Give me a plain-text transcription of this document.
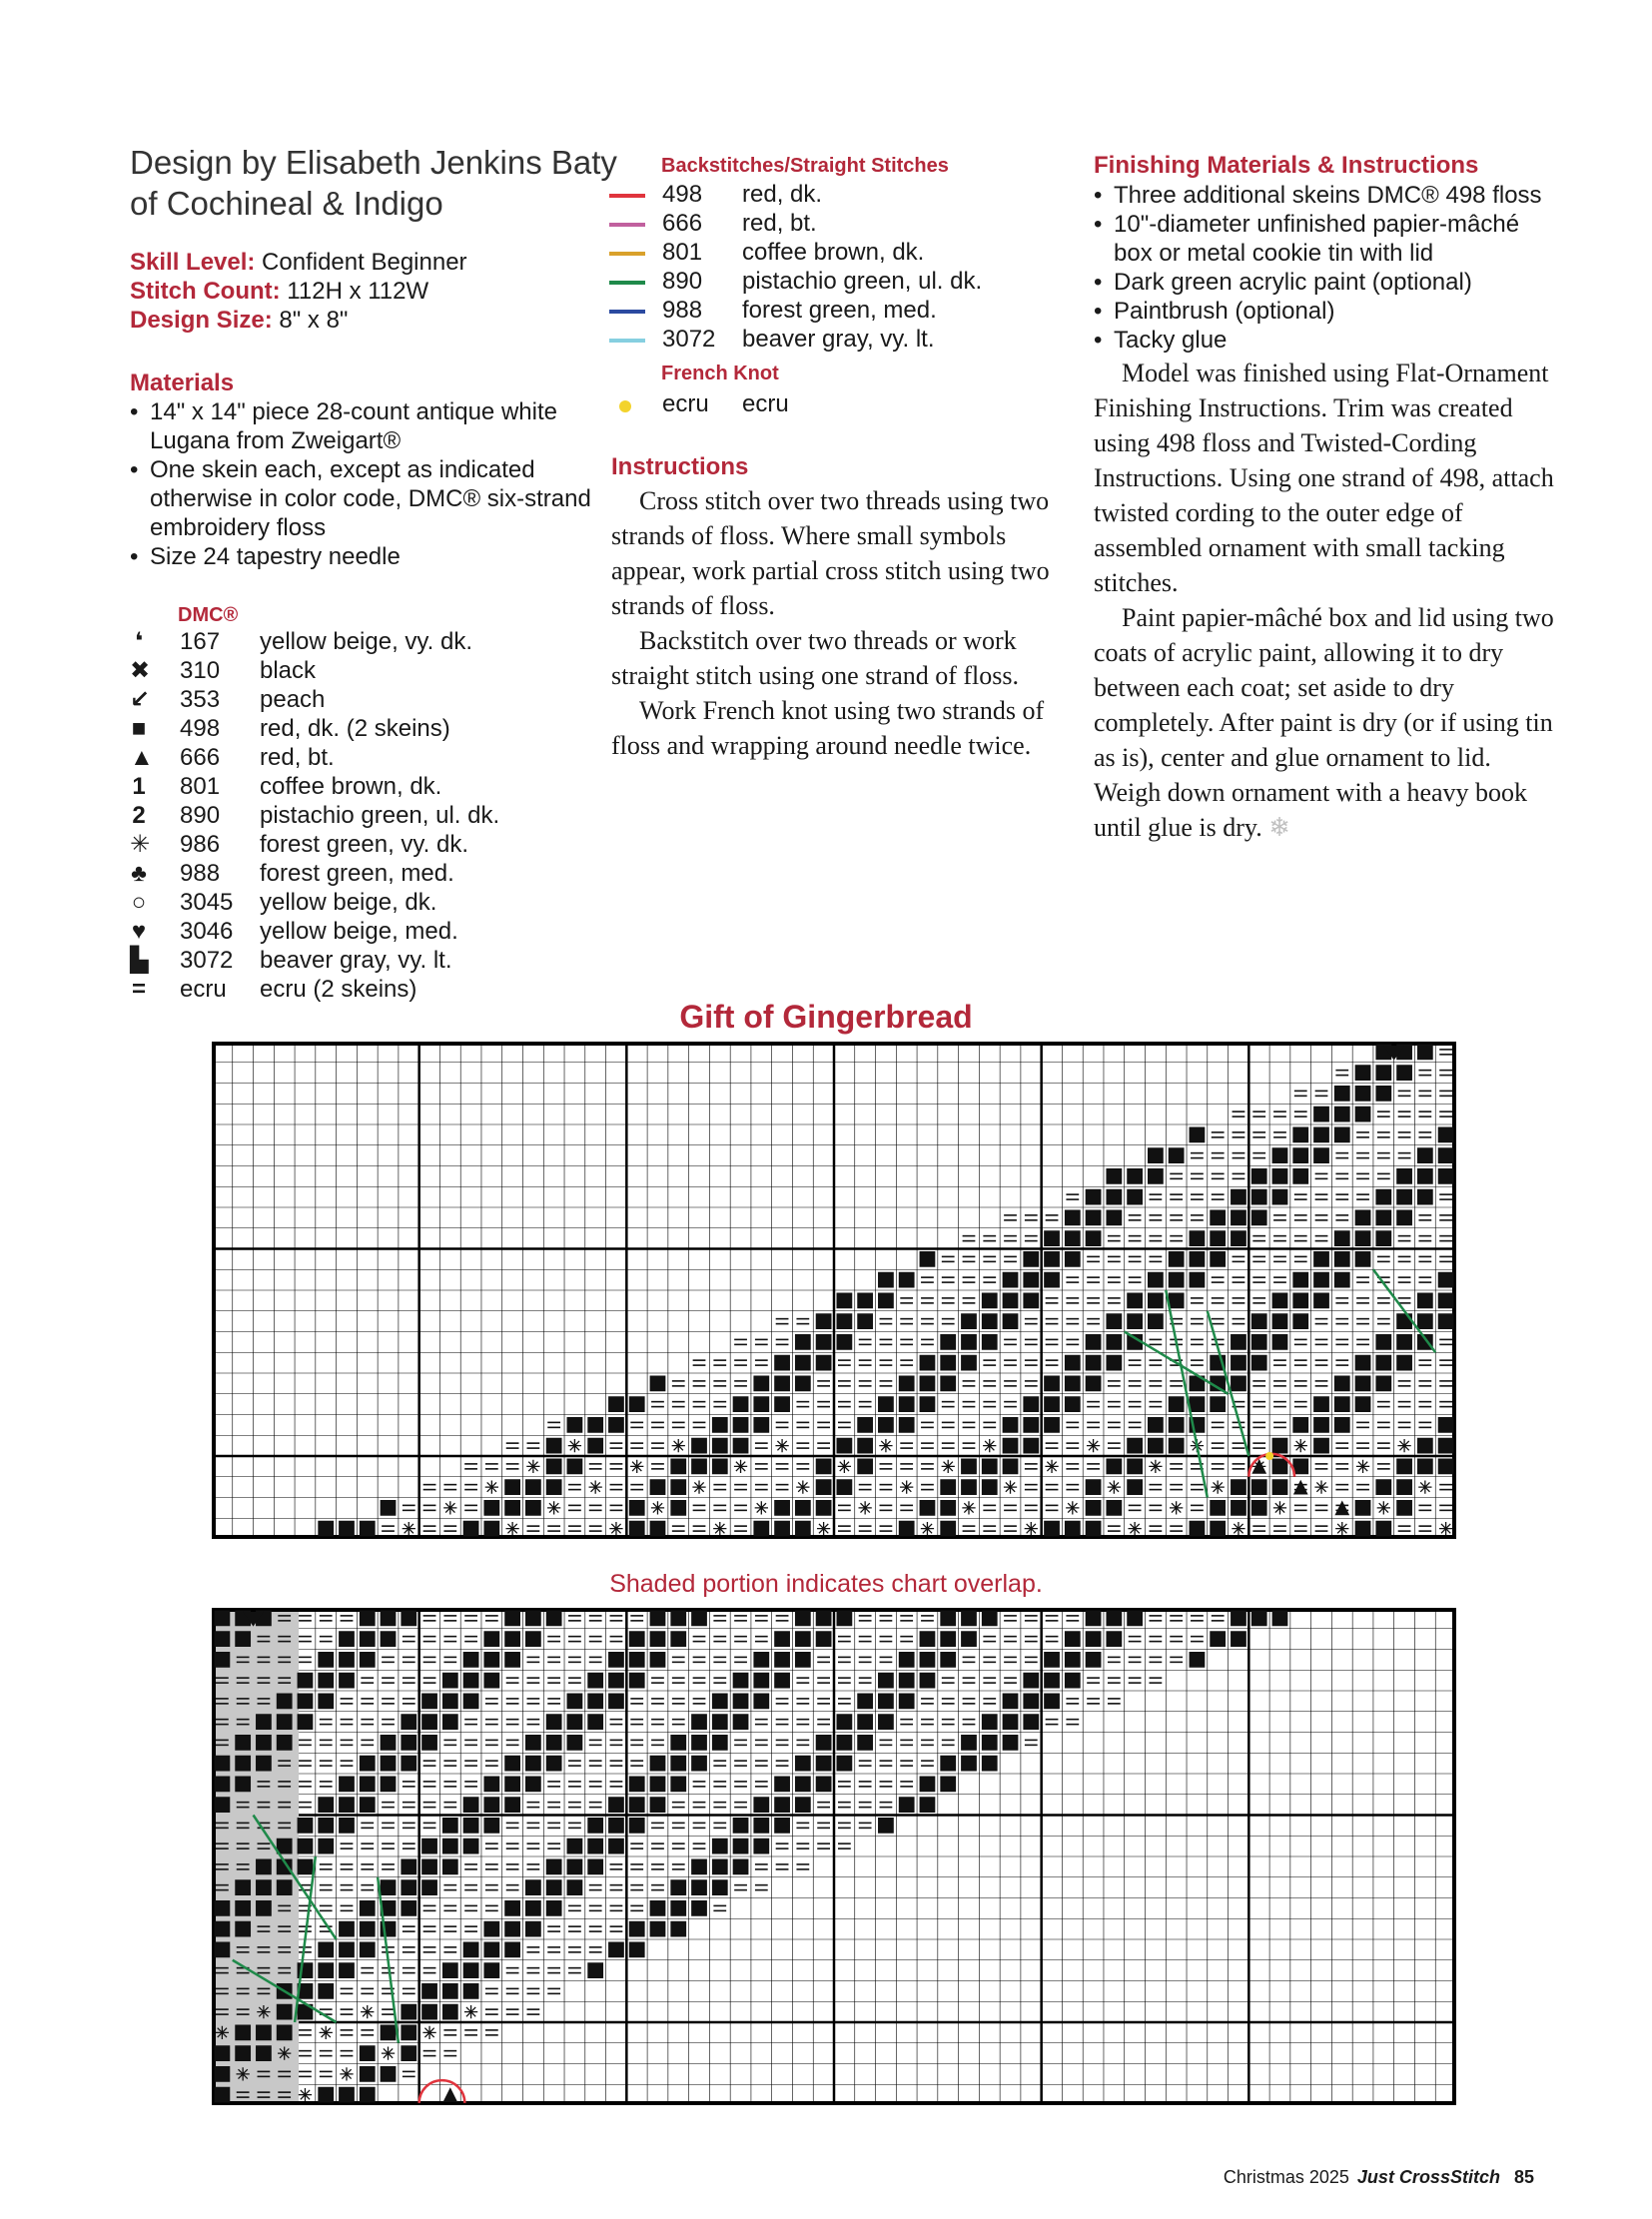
Design by Elisabeth Jenkins Baty
of Cochineal & Indigo
Skill Level: Confident Beginner
Stitch Count: 112H x 112W
Design Size: 8" x 8"
Materials
• 14" x 14" piece 28-count antique white Lugana from Zweigart®
• One skein each, except as indicated otherwise in color code, DMC® six-strand embroidery floss
• Size 24 tapestry needle
DMC®
❛ 167 yellow beige, vy. dk.
✖ 310 black
↙ 353 peach
■ 498 red, dk. (2 skeins)
▲ 666 red, bt.
1 801 coffee brown, dk.
2 890 pistachio green, ul. dk.
✳ 986 forest green, vy. dk.
♣ 988 forest green, med.
○ 3045 yellow beige, dk.
♥ 3046 yellow beige, med.
▙ 3072 beaver gray, vy. lt.
= ecru ecru (2 skeins)
Backstitches/Straight Stitches
498 red, dk.
666 red, bt.
801 coffee brown, dk.
890 pistachio green, ul. dk.
988 forest green, med.
3072 beaver gray, vy. lt.
French Knot
ecru ecru
Instructions

Cross stitch over two threads using two strands of floss. Where small symbols appear, work partial cross stitch using two strands of floss.

Backstitch over two threads or work straight stitch using one strand of floss.

Work French knot using two strands of floss and wrapping around needle twice.

Finishing Materials & Instructions
• Three additional skeins DMC® 498 floss
• 10"-diameter unfinished papier-mâché box or metal cookie tin with lid
• Dark green acrylic paint (optional)
• Paintbrush (optional)
• Tacky glue

Model was finished using Flat-Ornament Finishing Instructions. Trim was created using 498 floss and Twisted-Cording Instructions. Using one strand of 498, attach twisted cording to the outer edge of assembled ornament with small tacking stitches.

Paint papier-mâché box and lid using two coats of acrylic paint, allowing it to dry between each coat; set aside to dry completely. After paint is dry (or if using tin as is), center and glue ornament to lid. Weigh down ornament with a heavy book until glue is dry. ❄

Gift of Gingerbread
Shaded portion indicates chart overlap.
Christmas 2025 Just CrossStitch 85
